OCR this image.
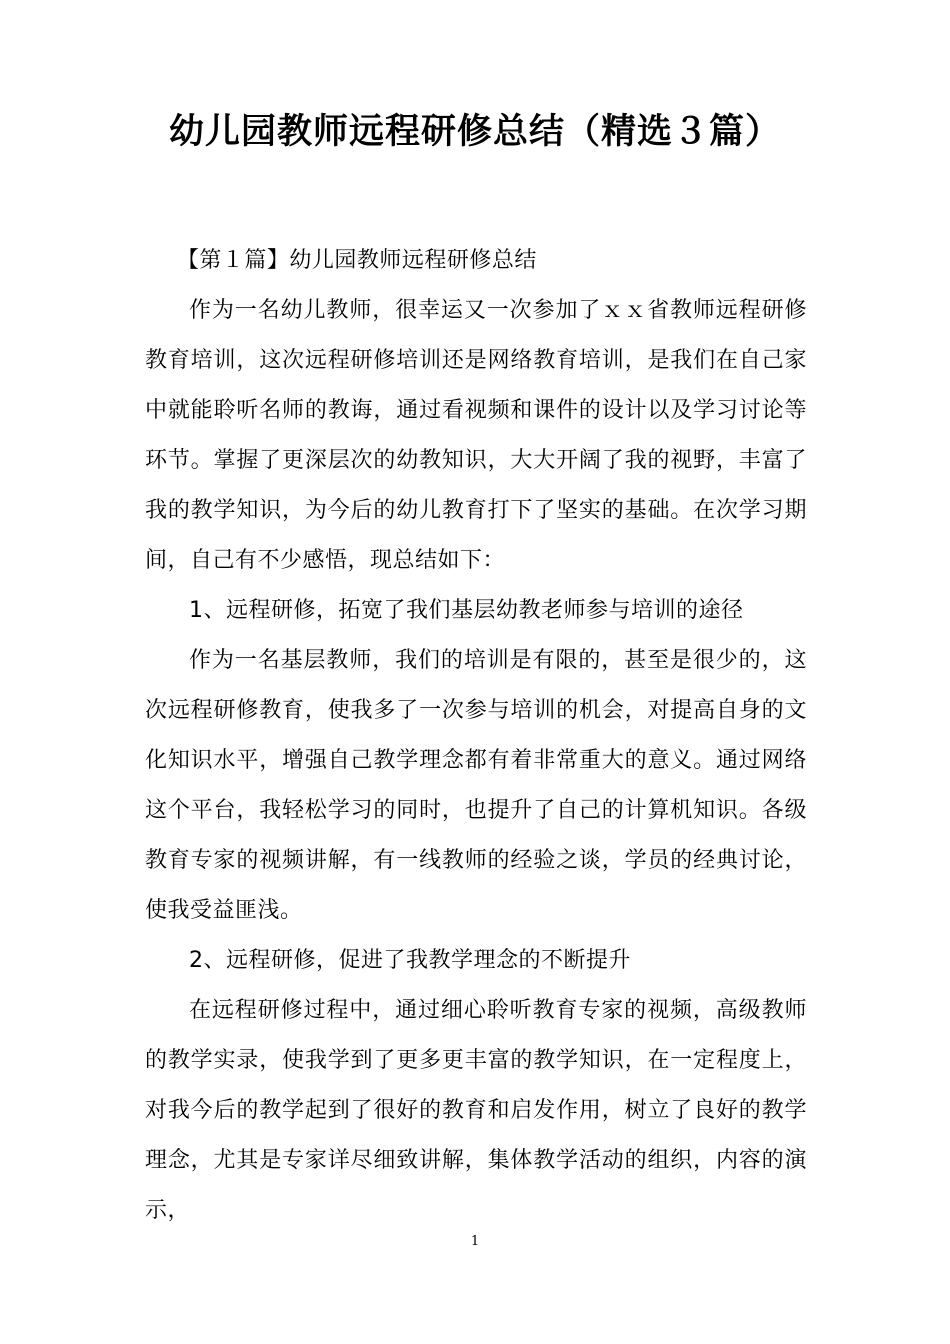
幼儿园教师远程研修总结（精选３篇）

【第１篇】幼儿园教师远程研修总结

作为一名幼儿教师，很幸运又一次参加了ｘｘ省教师远程研修教育培训，这次远程研修培训还是网络教育培训，是我们在自己家中就能聆听名师的教诲，通过看视频和课件的设计以及学习讨论等环节。掌握了更深层次的幼教知识，大大开阔了我的视野，丰富了我的教学知识，为今后的幼儿教育打下了坚实的基础。在次学习期间，自己有不少感悟，现总结如下：

1、远程研修，拓宽了我们基层幼教老师参与培训的途径

作为一名基层教师，我们的培训是有限的，甚至是很少的，这次远程研修教育，使我多了一次参与培训的机会，对提高自身的文化知识水平，增强自己教学理念都有着非常重大的意义。通过网络这个平台，我轻松学习的同时，也提升了自己的计算机知识。各级教育专家的视频讲解，有一线教师的经验之谈，学员的经典讨论，使我受益匪浅。

2、远程研修，促进了我教学理念的不断提升

在远程研修过程中，通过细心聆听教育专家的视频，高级教师的教学实录，使我学到了更多更丰富的教学知识，在一定程度上，对我今后的教学起到了很好的教育和启发作用，树立了良好的教学理念，尤其是专家详尽细致讲解，集体教学活动的组织，内容的演示，

1
